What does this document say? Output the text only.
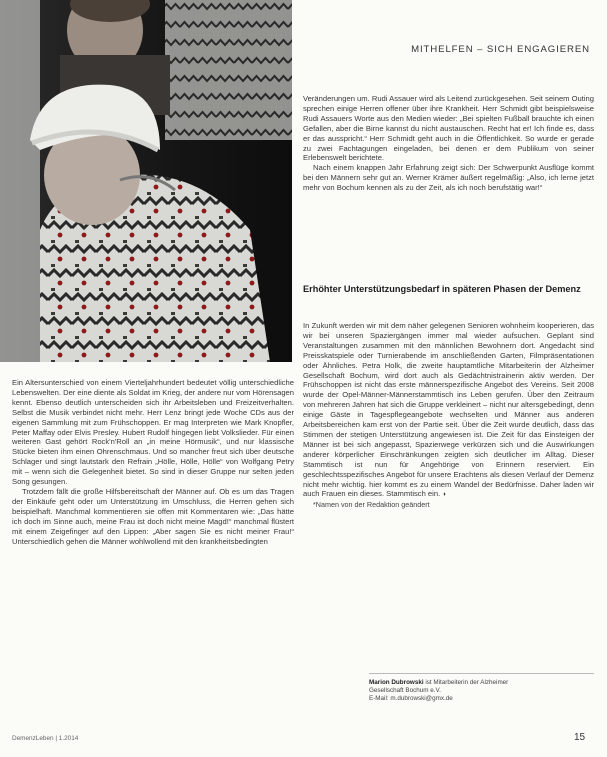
MITHELFEN – SICH ENGAGIEREN

Veränderungen um. Rudi Assauer wird als Leitend zurückgesehen. Seit seinem Outing sprechen einige Herren offener über ihre Krankheit. Herr Schmidt gibt beispielsweise Rudi Assauers Worte aus den Medien wieder: „Bei spielten Fußball brauchte ich einen Gefallen, aber die Birne kannst du nicht austauschen. Recht hat er! Ich finde es, dass er das ausspricht.“ Herr Schmidt geht auch in die Öffentlichkeit. So wurde er gerade zu zwei Fachtagungen eingeladen, bei denen er dem Publikum von seiner Erlebenswelt berichtete.

Nach einem knappen Jahr Erfahrung zeigt sich: Der Schwerpunkt Ausflüge kommt bei den Männern sehr gut an. Werner Krämer äußert regelmäßig: „Also, ich lerne jetzt mehr von Bochum kennen als zu der Zeit, als ich noch berufstätig war!“

Erhöhter Unterstützungsbedarf in späteren Phasen der Demenz

In Zukunft werden wir mit dem näher gelegenen Senioren wohnheim kooperieren, das wir bei unseren Spaziergängen immer mal wieder aufsuchen. Geplant sind Veranstaltungen zusammen mit den männlichen Bewohnern dort. Angedacht sind Preisskatspiele oder Turnierabende im anschließenden Garten, Filmpräsentationen oder Ähnliches. Petra Holk, die zweite hauptamtliche Mitarbeiterin der Alzheimer Gesellschaft Bochum, wird dort auch als Gedächtnistrainerin aktiv werden. Der Frühschoppen ist nicht das erste männerspezifische Angebot des Vereins. Seit 2008 wurde der Opel-Männer-Männerstammtisch ins Leben gerufen. Über den Zeitraum von mehreren Jahren hat sich die Gruppe verkleinert – nicht nur altersgebedingt, denn einige Gäste in Tagespflegeangebote wechselten und Männer aus anderen Arbeitsbereichen kam erst von der Partie seit. Über die Zeit wurde deutlich, dass das Stimmen der stetigen Unterstützung angewiesen ist. Die Zeit für das Einsteigen der Männer ist bei sich angepasst, Spazierwege verkürzen sich und die Auswirkungen anderer körperlicher Einschränkungen zeigten sich deutlicher im Alltag. Dieser Stammtisch ist nun für Angehörige von Erinnern reserviert. Ein geschlechtsspezifisches Angebot für unsere Erachtens als diesen Verlauf der Demenz nicht mehr wichtig. hier kommt es zu einem Wandel der Bedürfnisse. Daher laden wir auch Frauen ein dieses. Stammtisch ein. ◗

*Namen von der Redaktion geändert

Ein Altersunterschied von einem Vierteljahrhundert bedeutet völlig unterschiedliche Lebenswelten. Der eine diente als Soldat im Krieg, der andere nur vom Hörensagen kennt. Ebenso deutlich unterscheiden sich ihr Arbeitsleben und Freizeitverhalten. Selbst die Musik verbindet nicht mehr. Herr Lenz bringt jede Woche CDs aus der eigenen Sammlung mit zum Frühschoppen. Er mag Interpreten wie Mark Knopfler, Peter Maffay oder Elvis Presley. Hubert Rudolf hingegen liebt Volkslieder. Für einen weiteren Gast gehört Rock'n'Roll an „in meine Hörmusik“, und nur klassische Stücke bieten ihm einen Ohrenschmaus. Und so mancher freut sich über deutsche Schlager und singt lautstark den Refrain „Hölle, Hölle, Hölle“ von Wolfgang Petry mit – wenn sich die Gelegenheit bietet. So sind in dieser Gruppe nur selten jeden Song gesungen.

Trotzdem fällt die große Hilfsbereitschaft der Männer auf. Ob es um das Tragen der Einkäufe geht oder um Unterstützung im Umschluss, die Herren gehen sich beispielhaft. Manchmal kommentieren sie offen mit Kommentaren wie: „Das hätte ich doch im Sinne auch, meine Frau ist doch nicht meine Magd!“ manchmal flüstert mit einem Zeigefinger auf den Lippen: „Aber sagen Sie es nicht meiner Frau!“ Unterschiedlich gehen die Männer wohlwollend mit den krankheitsbedingten

Marion Dubrowski ist Mitarbeiterin der Alzheimer
Gesellschaft Bochum e.V.
E-Mail: m.dubrowski@gmx.de
DemenzLeben | 1.2014	15
